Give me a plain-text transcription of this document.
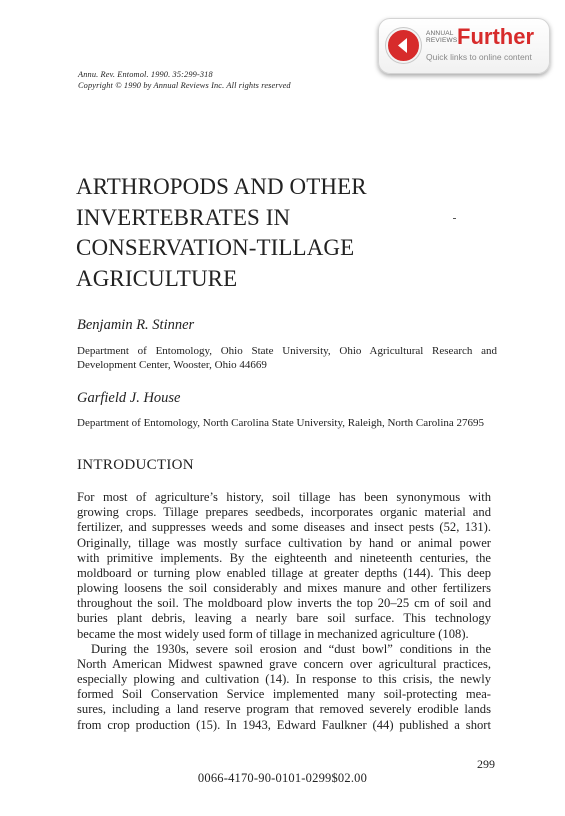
ANNUAL
REVIEWS Further
Quick links to online content
Annu. Rev. Entomol. 1990. 35:299-318
Copyright © 1990 by Annual Reviews Inc. All rights reserved
ARTHROPODS AND OTHER
INVERTEBRATES IN
CONSERVATION-TILLAGE
AGRICULTURE
Benjamin R. Stinner
Department of Entomology, Ohio State University, Ohio Agricultural Research and Development Center, Wooster, Ohio 44669
Garfield J. House
Department of Entomology, North Carolina State University, Raleigh, North Carolina 27695
INTRODUCTION
For most of agriculture’s history, soil tillage has been synonymous with
growing crops. Tillage prepares seedbeds, incorporates organic material and
fertilizer, and suppresses weeds and some diseases and insect pests (52, 131).
Originally, tillage was mostly surface cultivation by hand or animal power
with primitive implements. By the eighteenth and nineteenth centuries, the
moldboard or turning plow enabled tillage at greater depths (144). This deep
plowing loosens the soil considerably and mixes manure and other fertilizers
throughout the soil. The moldboard plow inverts the top 20–25 cm of soil and
buries plant debris, leaving a nearly bare soil surface. This technology
became the most widely used form of tillage in mechanized agriculture (108).
During the 1930s, severe soil erosion and “dust bowl” conditions in the
North American Midwest spawned grave concern over agricultural practices,
especially plowing and cultivation (14). In response to this crisis, the newly
formed Soil Conservation Service implemented many soil-protecting mea-
sures, including a land reserve program that removed severely erodible lands
from crop production (15). In 1943, Edward Faulkner (44) published a short
299
0066-4170-90-0101-0299$02.00
